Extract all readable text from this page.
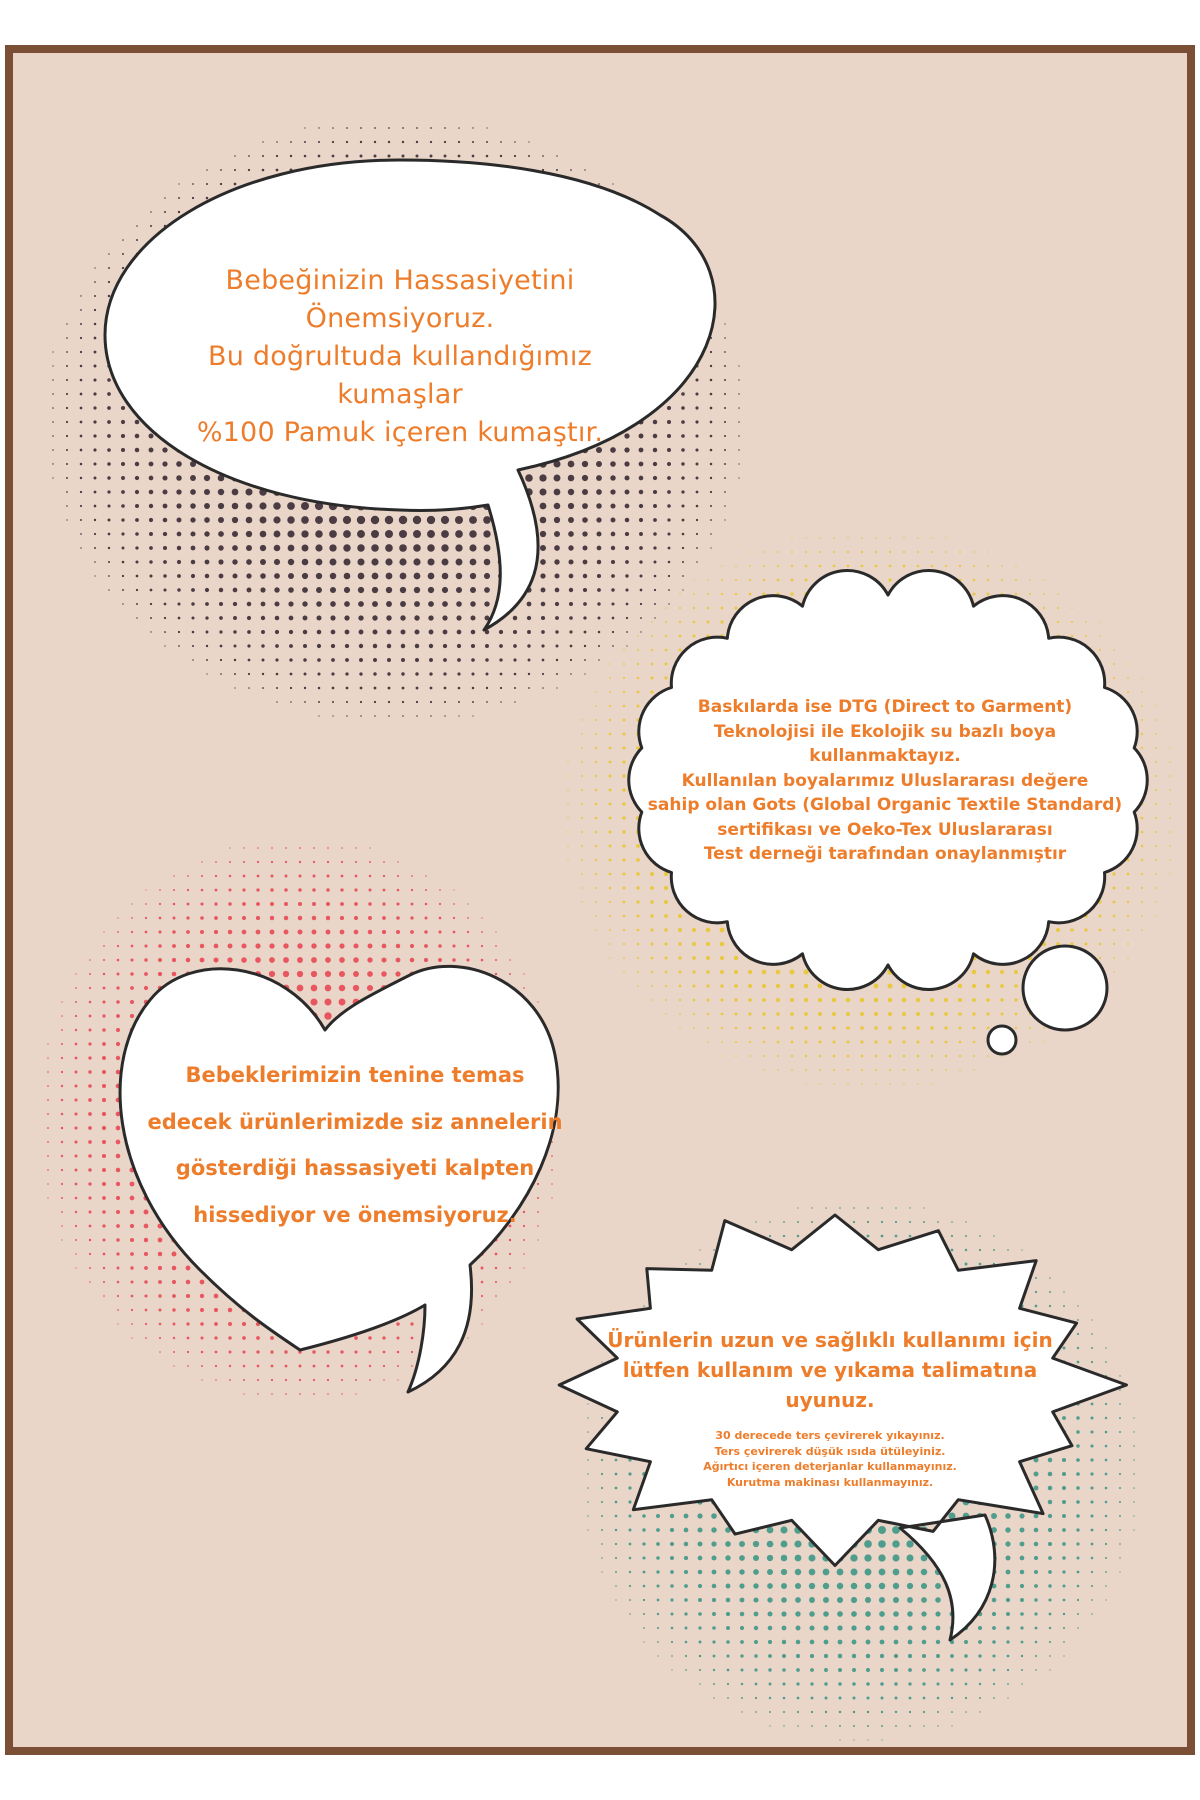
Bebeğinizin Hassasiyetini
Önemsiyoruz.
Bu doğrultuda kullandığımız kumaşlar
%100 Pamuk içeren kumaştır.

Baskılarda ise DTG (Direct to Garment)
Teknolojisi ile Ekolojik su bazlı boya kullanmaktayız.
Kullanılan boyalarımız Uluslararası değere
sahip olan Gots (Global Organic Textile Standard)
sertifikası ve Oeko-Tex Uluslararası
Test derneği tarafından onaylanmıştır

Bebeklerimizin tenine temas
edecek ürünlerimizde siz annelerin
gösterdiği hassasiyeti kalpten
hissediyor ve önemsiyoruz.

Ürünlerin uzun ve sağlıklı kullanımı için
lütfen kullanım ve yıkama talimatına uyunuz.
30 derecede ters çevirerek yıkayınız.
Ters çevirerek düşük ısıda ütüleyiniz.
Ağırtıcı içeren deterjanlar kullanmayınız.
Kurutma makinası kullanmayınız.
